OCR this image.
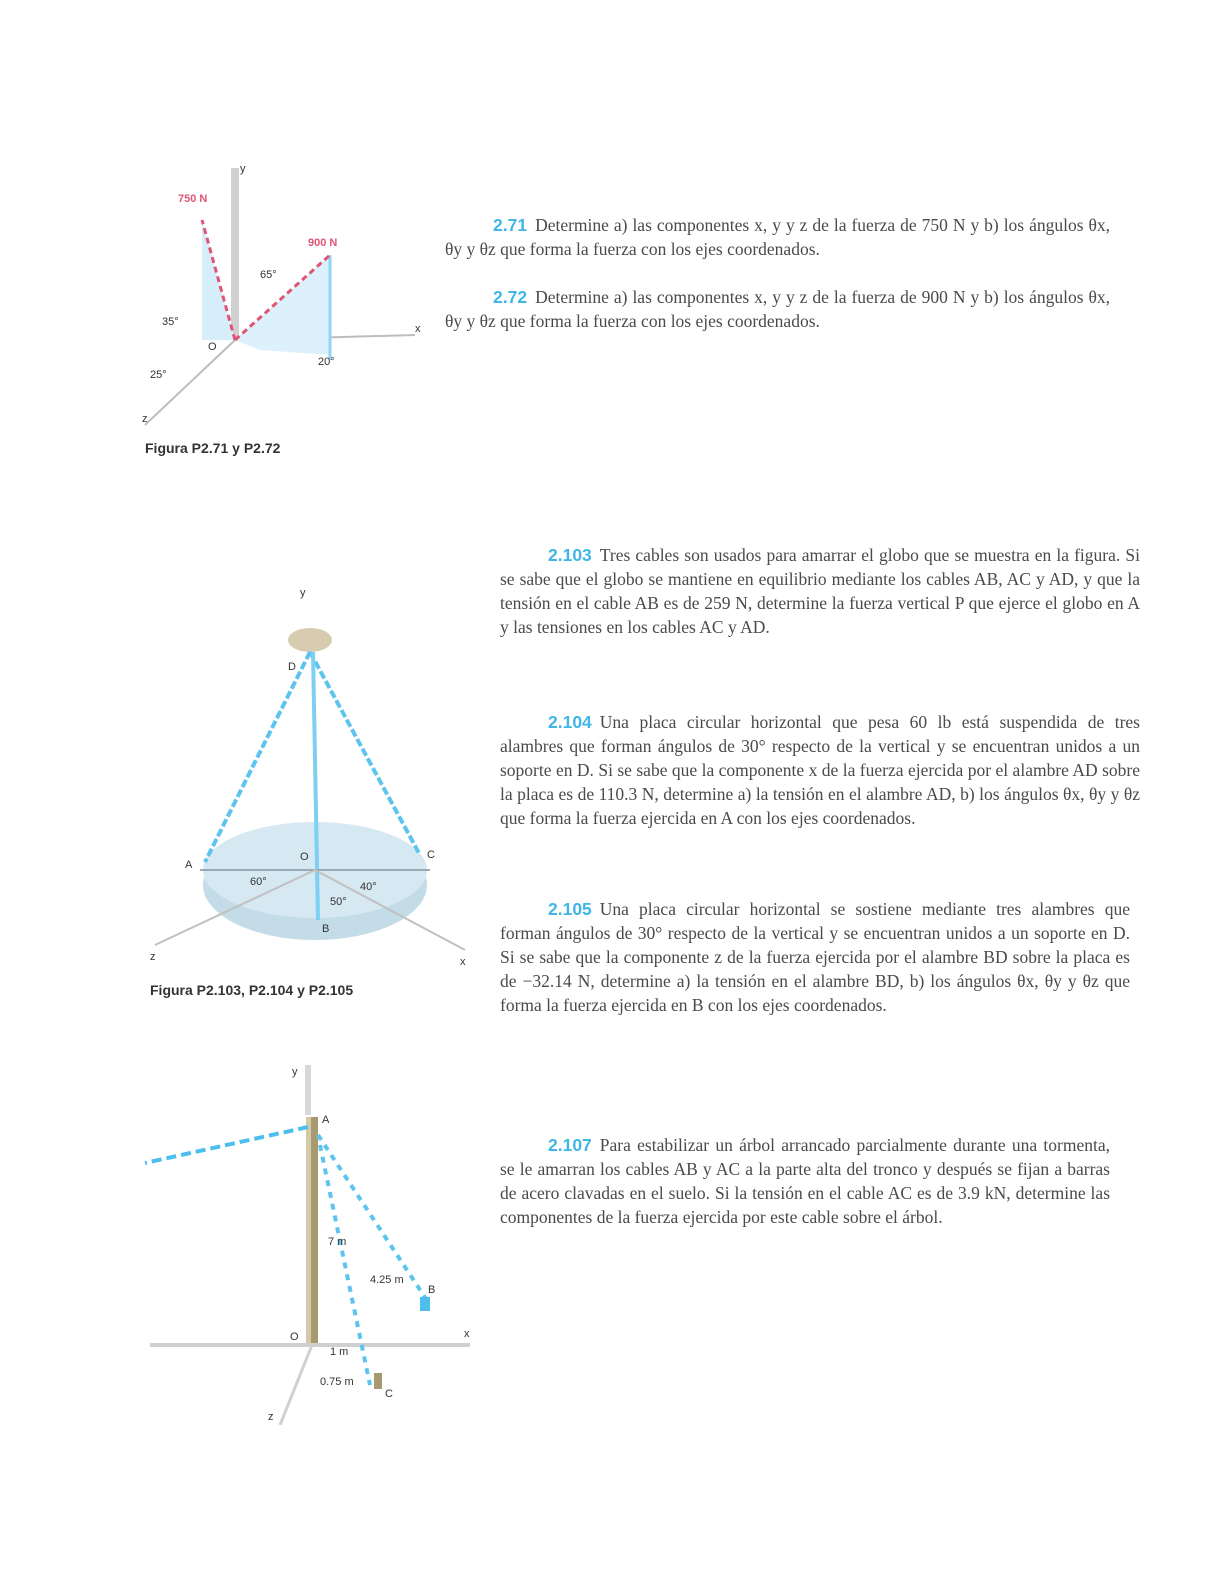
y
x
z
750 N
900 N
35°
65°
25°
20°
O
Figura P2.71 y P2.72
2.71 Determine a) las componentes x, y y z de la fuerza de 750 N y b) los ángulos θx, θy y θz que forma la fuerza con los ejes coordenados.
2.72 Determine a) las componentes x, y y z de la fuerza de 900 N y b) los ángulos θx, θy y θz que forma la fuerza con los ejes coordenados.
y
D
A
C
B
O
60°	40°
50°
z	x
Figura P2.103, P2.104 y P2.105
2.103 Tres cables son usados para amarrar el globo que se muestra en la figura. Si se sabe que el globo se mantiene en equilibrio mediante los cables AB, AC y AD, y que la tensión en el cable AB es de 259 N, determine la fuerza vertical P que ejerce el globo en A y las tensiones en los cables AC y AD.
2.104 Una placa circular horizontal que pesa 60 lb está suspendida de tres alambres que forman ángulos de 30° respecto de la vertical y se encuentran unidos a un soporte en D. Si se sabe que la componente x de la fuerza ejercida por el alambre AD sobre la placa es de 110.3 N, determine a) la tensión en el alambre AD, b) los ángulos θx, θy y θz que forma la fuerza ejercida en A con los ejes coordenados.
2.105 Una placa circular horizontal se sostiene mediante tres alambres que forman ángulos de 30° respecto de la vertical y se encuentran unidos a un soporte en D. Si se sabe que la componente z de la fuerza ejercida por el alambre BD sobre la placa es de −32.14 N, determine a) la tensión en el alambre BD, b) los ángulos θx, θy y θz que forma la fuerza ejercida en B con los ejes coordenados.
y
A
x
z
B
C
O
7 m
4.25 m
1 m
0.75 m
2.107 Para estabilizar un árbol arrancado parcialmente durante una tormenta, se le amarran los cables AB y AC a la parte alta del tronco y después se fijan a barras de acero clavadas en el suelo. Si la tensión en el cable AC es de 3.9 kN, determine las componentes de la fuerza ejercida por este cable sobre el árbol.
